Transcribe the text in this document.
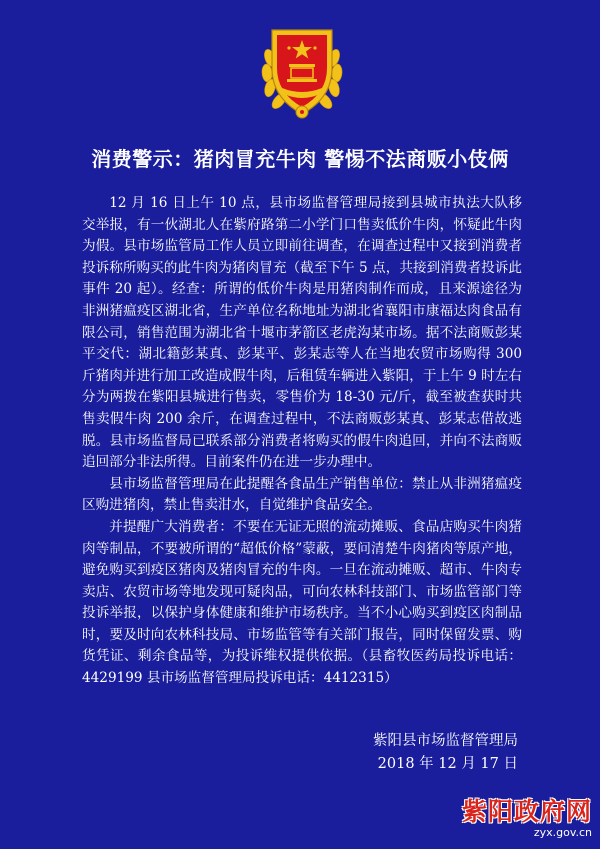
消费警示：猪肉冒充牛肉 警惕不法商贩小伎俩

12 月 16 日上午 10 点，县市场监督管理局接到县城市执法大队移交举报，有一伙湖北人在紫府路第二小学门口售卖低价牛肉，怀疑此牛肉为假。县市场监管局工作人员立即前往调查，在调查过程中又接到消费者投诉称所购买的此牛肉为猪肉冒充（截至下午 5 点，共接到消费者投诉此事件 20 起）。经查：所谓的低价牛肉是用猪肉制作而成，且来源途径为非洲猪瘟疫区湖北省，生产单位名称地址为湖北省襄阳市康福达肉食品有限公司，销售范围为湖北省十堰市茅箭区老虎沟某市场。据不法商贩彭某平交代：湖北籍彭某真、彭某平、彭某志等人在当地农贸市场购得 300 斤猪肉并进行加工改造成假牛肉，后租赁车辆进入紫阳，于上午 9 时左右分为两拨在紫阳县城进行售卖，零售价为 18-30 元/斤，截至被查获时共售卖假牛肉 200 余斤，在调查过程中，不法商贩彭某真、彭某志借故逃脱。县市场监督局已联系部分消费者将购买的假牛肉追回，并向不法商贩追回部分非法所得。目前案件仍在进一步办理中。

县市场监督管理局在此提醒各食品生产销售单位：禁止从非洲猪瘟疫区购进猪肉，禁止售卖泔水，自觉维护食品安全。

并提醒广大消费者：不要在无证无照的流动摊贩、食品店购买牛肉猪肉等制品，不要被所谓的“超低价格”蒙蔽，要问清楚牛肉猪肉等原产地，避免购买到疫区猪肉及猪肉冒充的牛肉。一旦在流动摊贩、超市、牛肉专卖店、农贸市场等地发现可疑肉品，可向农林科技部门、市场监管部门等投诉举报，以保护身体健康和维护市场秩序。当不小心购买到疫区肉制品时，要及时向农林科技局、市场监管等有关部门报告，同时保留发票、购货凭证、剩余食品等，为投诉维权提供依据。（县畜牧医药局投诉电话：4429199 县市场监督管理局投诉电话：4412315）

紫阳县市场监督管理局
2018 年 12 月 17 日
紫阳政府网
zyx.gov.cn
